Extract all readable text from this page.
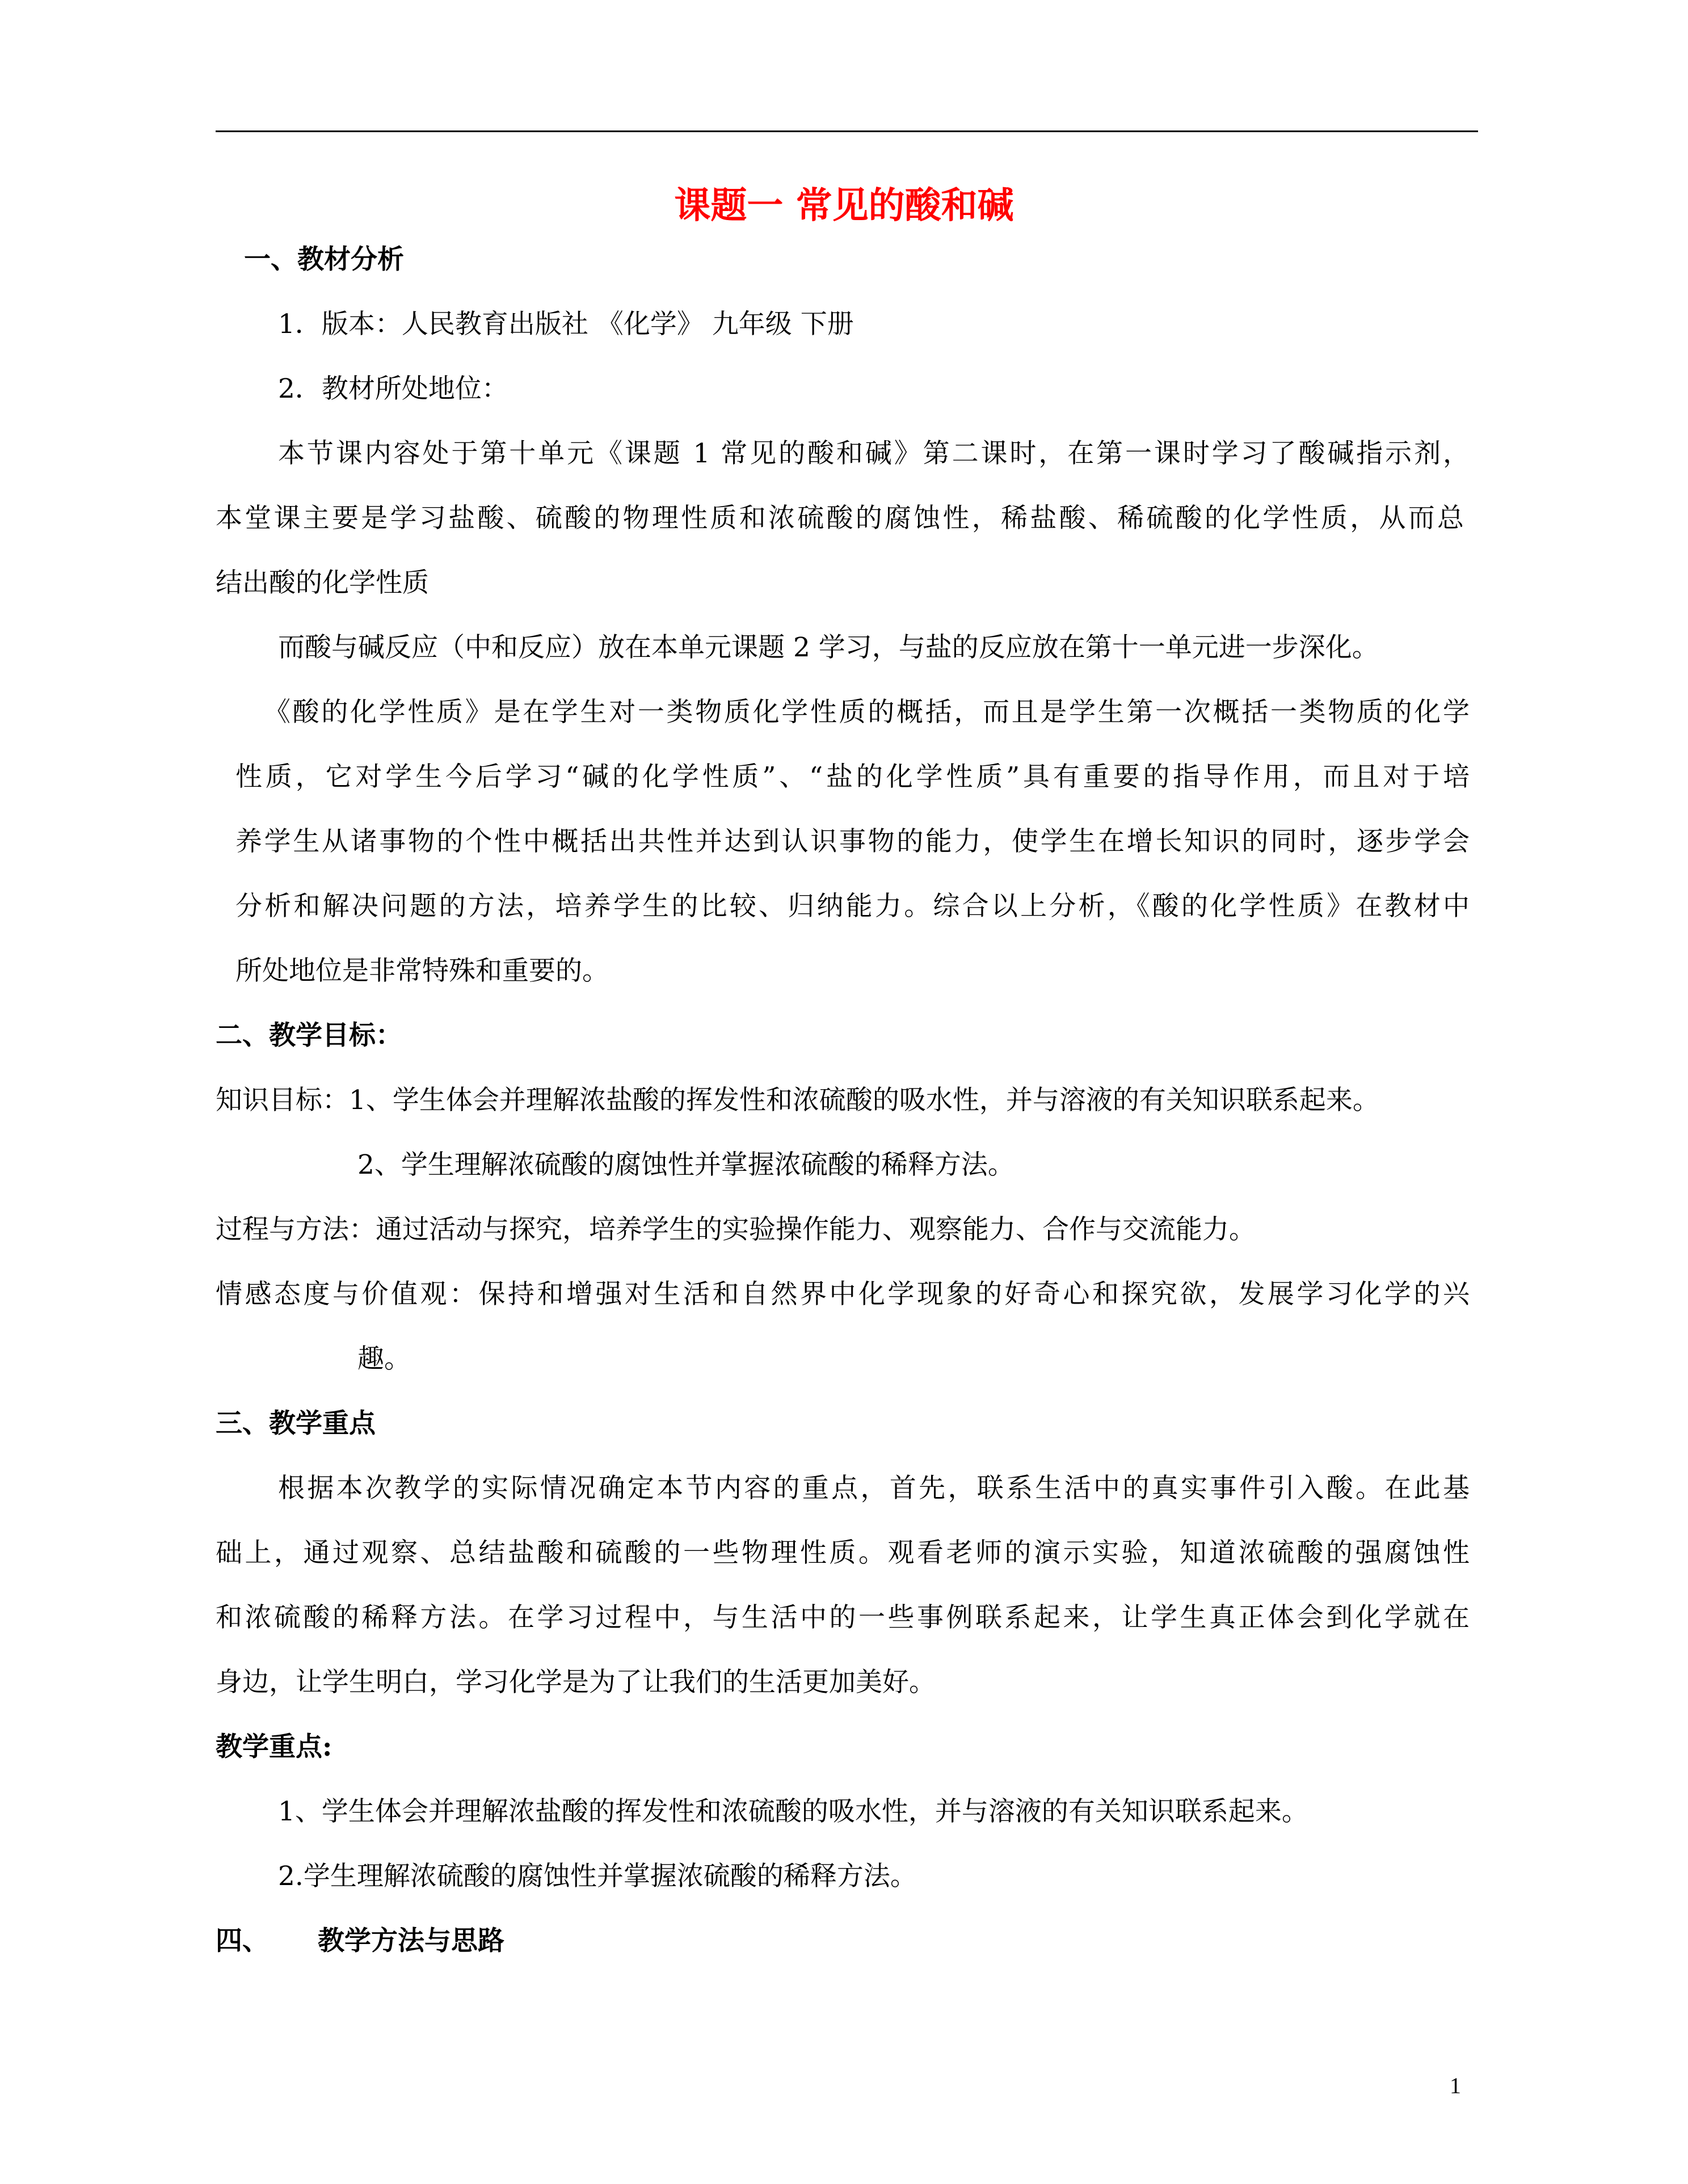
课题一 常见的酸和碱
一、教材分析
1．版本：人民教育出版社 《化学》 九年级 下册
2．教材所处地位：
本节课内容处于第十单元《课题 1 常见的酸和碱》第二课时，在第一课时学习了酸碱指示剂，
本堂课主要是学习盐酸、硫酸的物理性质和浓硫酸的腐蚀性，稀盐酸、稀硫酸的化学性质，从而总
结出酸的化学性质
而酸与碱反应（中和反应）放在本单元课题 2 学习，与盐的反应放在第十一单元进一步深化。
《酸的化学性质》是在学生对一类物质化学性质的概括，而且是学生第一次概括一类物质的化学
性质，它对学生今后学习“碱的化学性质”、“盐的化学性质”具有重要的指导作用，而且对于培
养学生从诸事物的个性中概括出共性并达到认识事物的能力，使学生在增长知识的同时，逐步学会
分析和解决问题的方法，培养学生的比较、归纳能力。综合以上分析，《酸的化学性质》在教材中
所处地位是非常特殊和重要的。
二、教学目标：
知识目标：1、学生体会并理解浓盐酸的挥发性和浓硫酸的吸水性，并与溶液的有关知识联系起来。
2、学生理解浓硫酸的腐蚀性并掌握浓硫酸的稀释方法。
过程与方法：通过活动与探究，培养学生的实验操作能力、观察能力、合作与交流能力。
情感态度与价值观：保持和增强对生活和自然界中化学现象的好奇心和探究欲，发展学习化学的兴
趣。
三、教学重点
根据本次教学的实际情况确定本节内容的重点，首先，联系生活中的真实事件引入酸。在此基
础上，通过观察、总结盐酸和硫酸的一些物理性质。观看老师的演示实验，知道浓硫酸的强腐蚀性
和浓硫酸的稀释方法。在学习过程中，与生活中的一些事例联系起来，让学生真正体会到化学就在
身边，让学生明白，学习化学是为了让我们的生活更加美好。
教学重点:
1、学生体会并理解浓盐酸的挥发性和浓硫酸的吸水性，并与溶液的有关知识联系起来。
2.学生理解浓硫酸的腐蚀性并掌握浓硫酸的稀释方法。
四、 教学方法与思路
1
